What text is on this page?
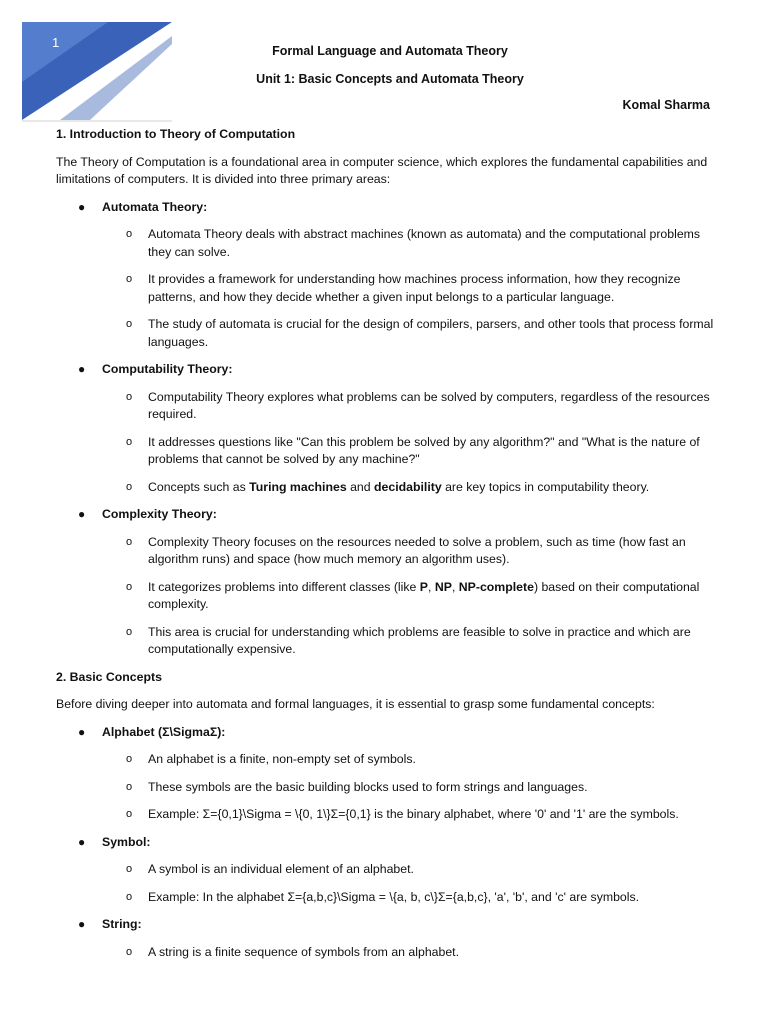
1
Formal Language and Automata Theory
Unit 1: Basic Concepts and Automata Theory
Komal Sharma
1. Introduction to Theory of Computation
The Theory of Computation is a foundational area in computer science, which explores the fundamental capabilities and limitations of computers. It is divided into three primary areas:
● Automata Theory:
o Automata Theory deals with abstract machines (known as automata) and the computational problems they can solve.
o It provides a framework for understanding how machines process information, how they recognize patterns, and how they decide whether a given input belongs to a particular language.
o The study of automata is crucial for the design of compilers, parsers, and other tools that process formal languages.
● Computability Theory:
o Computability Theory explores what problems can be solved by computers, regardless of the resources required.
o It addresses questions like "Can this problem be solved by any algorithm?" and "What is the nature of problems that cannot be solved by any machine?"
o Concepts such as Turing machines and decidability are key topics in computability theory.
● Complexity Theory:
o Complexity Theory focuses on the resources needed to solve a problem, such as time (how fast an algorithm runs) and space (how much memory an algorithm uses).
o It categorizes problems into different classes (like P, NP, NP-complete) based on their computational complexity.
o This area is crucial for understanding which problems are feasible to solve in practice and which are computationally expensive.
2. Basic Concepts
Before diving deeper into automata and formal languages, it is essential to grasp some fundamental concepts:
● Alphabet (Σ\SigmaΣ):
o An alphabet is a finite, non-empty set of symbols.
o These symbols are the basic building blocks used to form strings and languages.
o Example: Σ={0,1}\Sigma = \{0, 1\}Σ={0,1} is the binary alphabet, where '0' and '1' are the symbols.
● Symbol:
o A symbol is an individual element of an alphabet.
o Example: In the alphabet Σ={a,b,c}\Sigma = \{a, b, c\}Σ={a,b,c}, 'a', 'b', and 'c' are symbols.
● String:
o A string is a finite sequence of symbols from an alphabet.
